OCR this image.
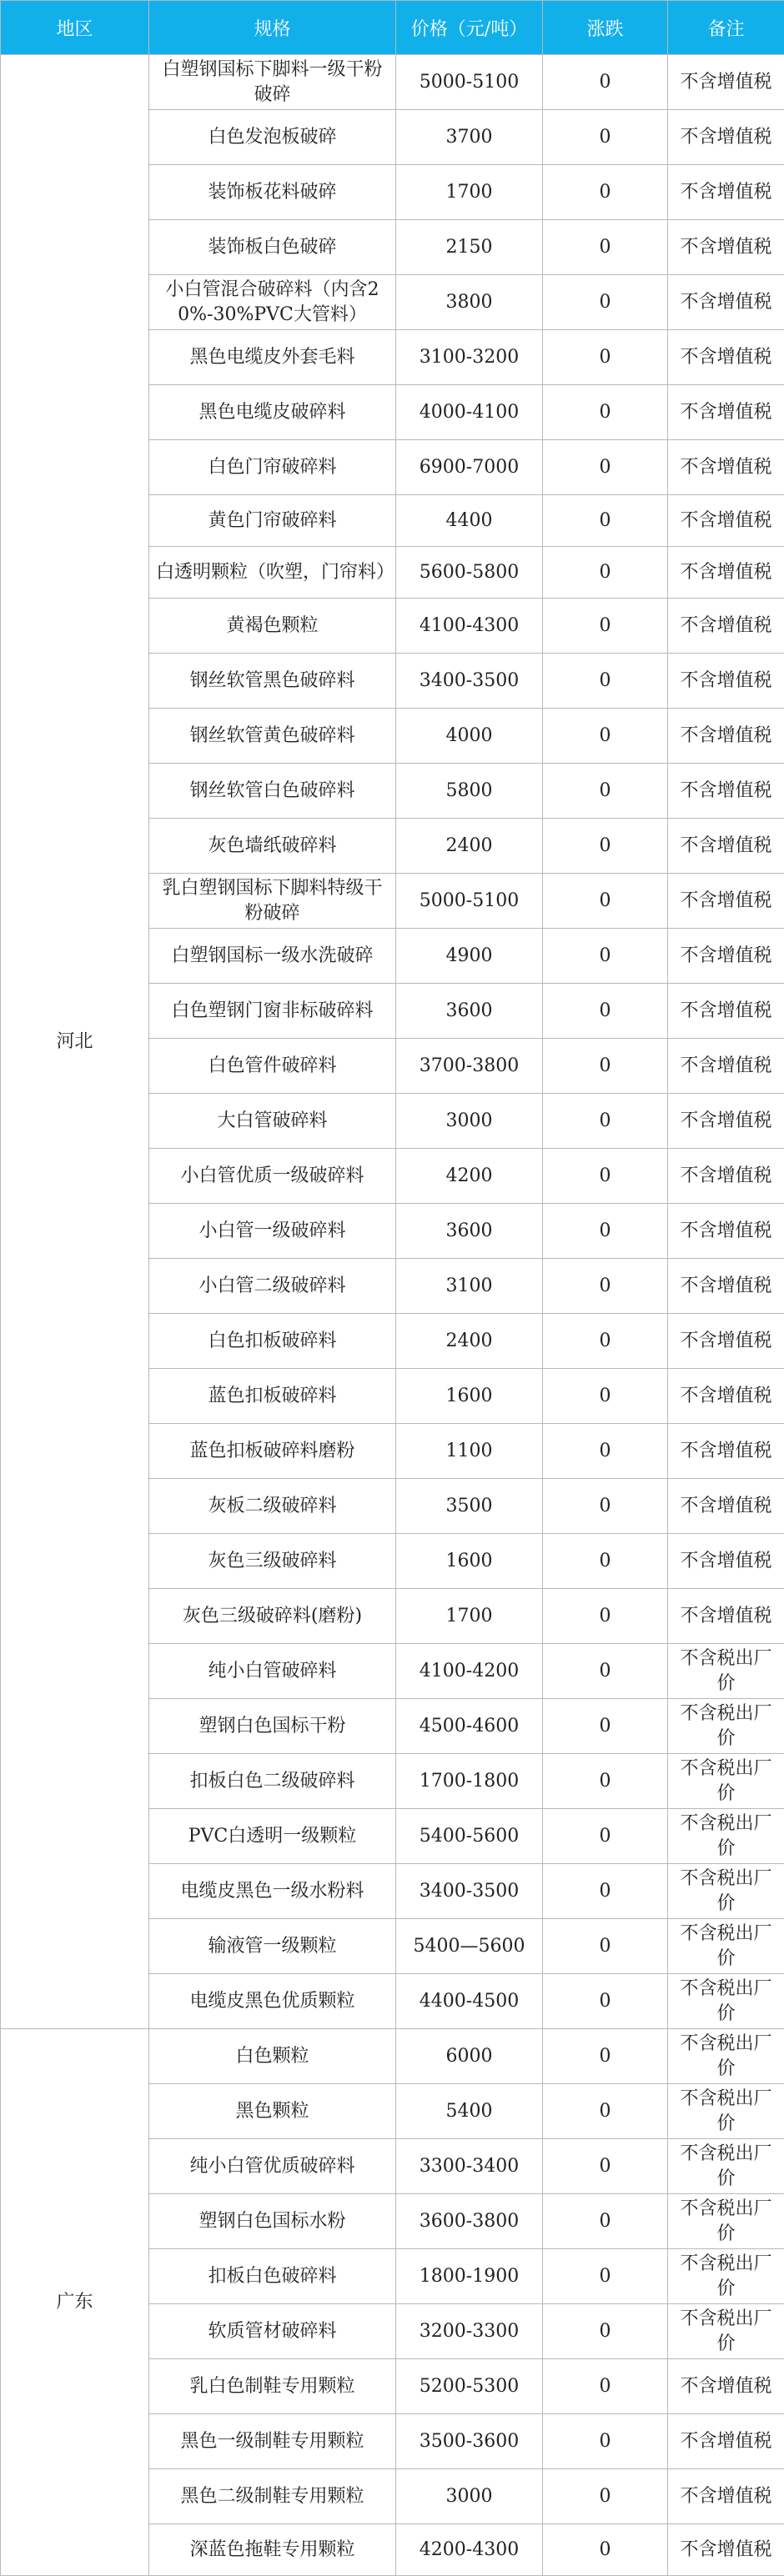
地区	规格	价格（元/吨）	涨跌	备注
河北	白塑钢国标下脚料一级干粉破碎	5000-5100	0	不含增值税
	白色发泡板破碎	3700	0	不含增值税
	装饰板花料破碎	1700	0	不含增值税
	装饰板白色破碎	2150	0	不含增值税
	小白管混合破碎料（内含20%-30%PVC大管料）	3800	0	不含增值税
	黑色电缆皮外套毛料	3100-3200	0	不含增值税
	黑色电缆皮破碎料	4000-4100	0	不含增值税
	白色门帘破碎料	6900-7000	0	不含增值税
	黄色门帘破碎料	4400	0	不含增值税
	白透明颗粒（吹塑，门帘料）	5600-5800	0	不含增值税
	黄褐色颗粒	4100-4300	0	不含增值税
	钢丝软管黑色破碎料	3400-3500	0	不含增值税
	钢丝软管黄色破碎料	4000	0	不含增值税
	钢丝软管白色破碎料	5800	0	不含增值税
	灰色墙纸破碎料	2400	0	不含增值税
	乳白塑钢国标下脚料特级干粉破碎	5000-5100	0	不含增值税
	白塑钢国标一级水洗破碎	4900	0	不含增值税
	白色塑钢门窗非标破碎料	3600	0	不含增值税
	白色管件破碎料	3700-3800	0	不含增值税
	大白管破碎料	3000	0	不含增值税
	小白管优质一级破碎料	4200	0	不含增值税
	小白管一级破碎料	3600	0	不含增值税
	小白管二级破碎料	3100	0	不含增值税
	白色扣板破碎料	2400	0	不含增值税
	蓝色扣板破碎料	1600	0	不含增值税
	蓝色扣板破碎料磨粉	1100	0	不含增值税
	灰板二级破碎料	3500	0	不含增值税
	灰色三级破碎料	1600	0	不含增值税
	灰色三级破碎料(磨粉)	1700	0	不含增值税
	纯小白管破碎料	4100-4200	0	不含税出厂价
	塑钢白色国标干粉	4500-4600	0	不含税出厂价
	扣板白色二级破碎料	1700-1800	0	不含税出厂价
	PVC白透明一级颗粒	5400-5600	0	不含税出厂价
	电缆皮黑色一级水粉料	3400-3500	0	不含税出厂价
	输液管一级颗粒	5400—5600	0	不含税出厂价
	电缆皮黑色优质颗粒	4400-4500	0	不含税出厂价
广东	白色颗粒	6000	0	不含税出厂价
	黑色颗粒	5400	0	不含税出厂价
	纯小白管优质破碎料	3300-3400	0	不含税出厂价
	塑钢白色国标水粉	3600-3800	0	不含税出厂价
	扣板白色破碎料	1800-1900	0	不含税出厂价
	软质管材破碎料	3200-3300	0	不含税出厂价
	乳白色制鞋专用颗粒	5200-5300	0	不含增值税
	黑色一级制鞋专用颗粒	3500-3600	0	不含增值税
	黑色二级制鞋专用颗粒	3000	0	不含增值税
	深蓝色拖鞋专用颗粒	4200-4300	0	不含增值税
